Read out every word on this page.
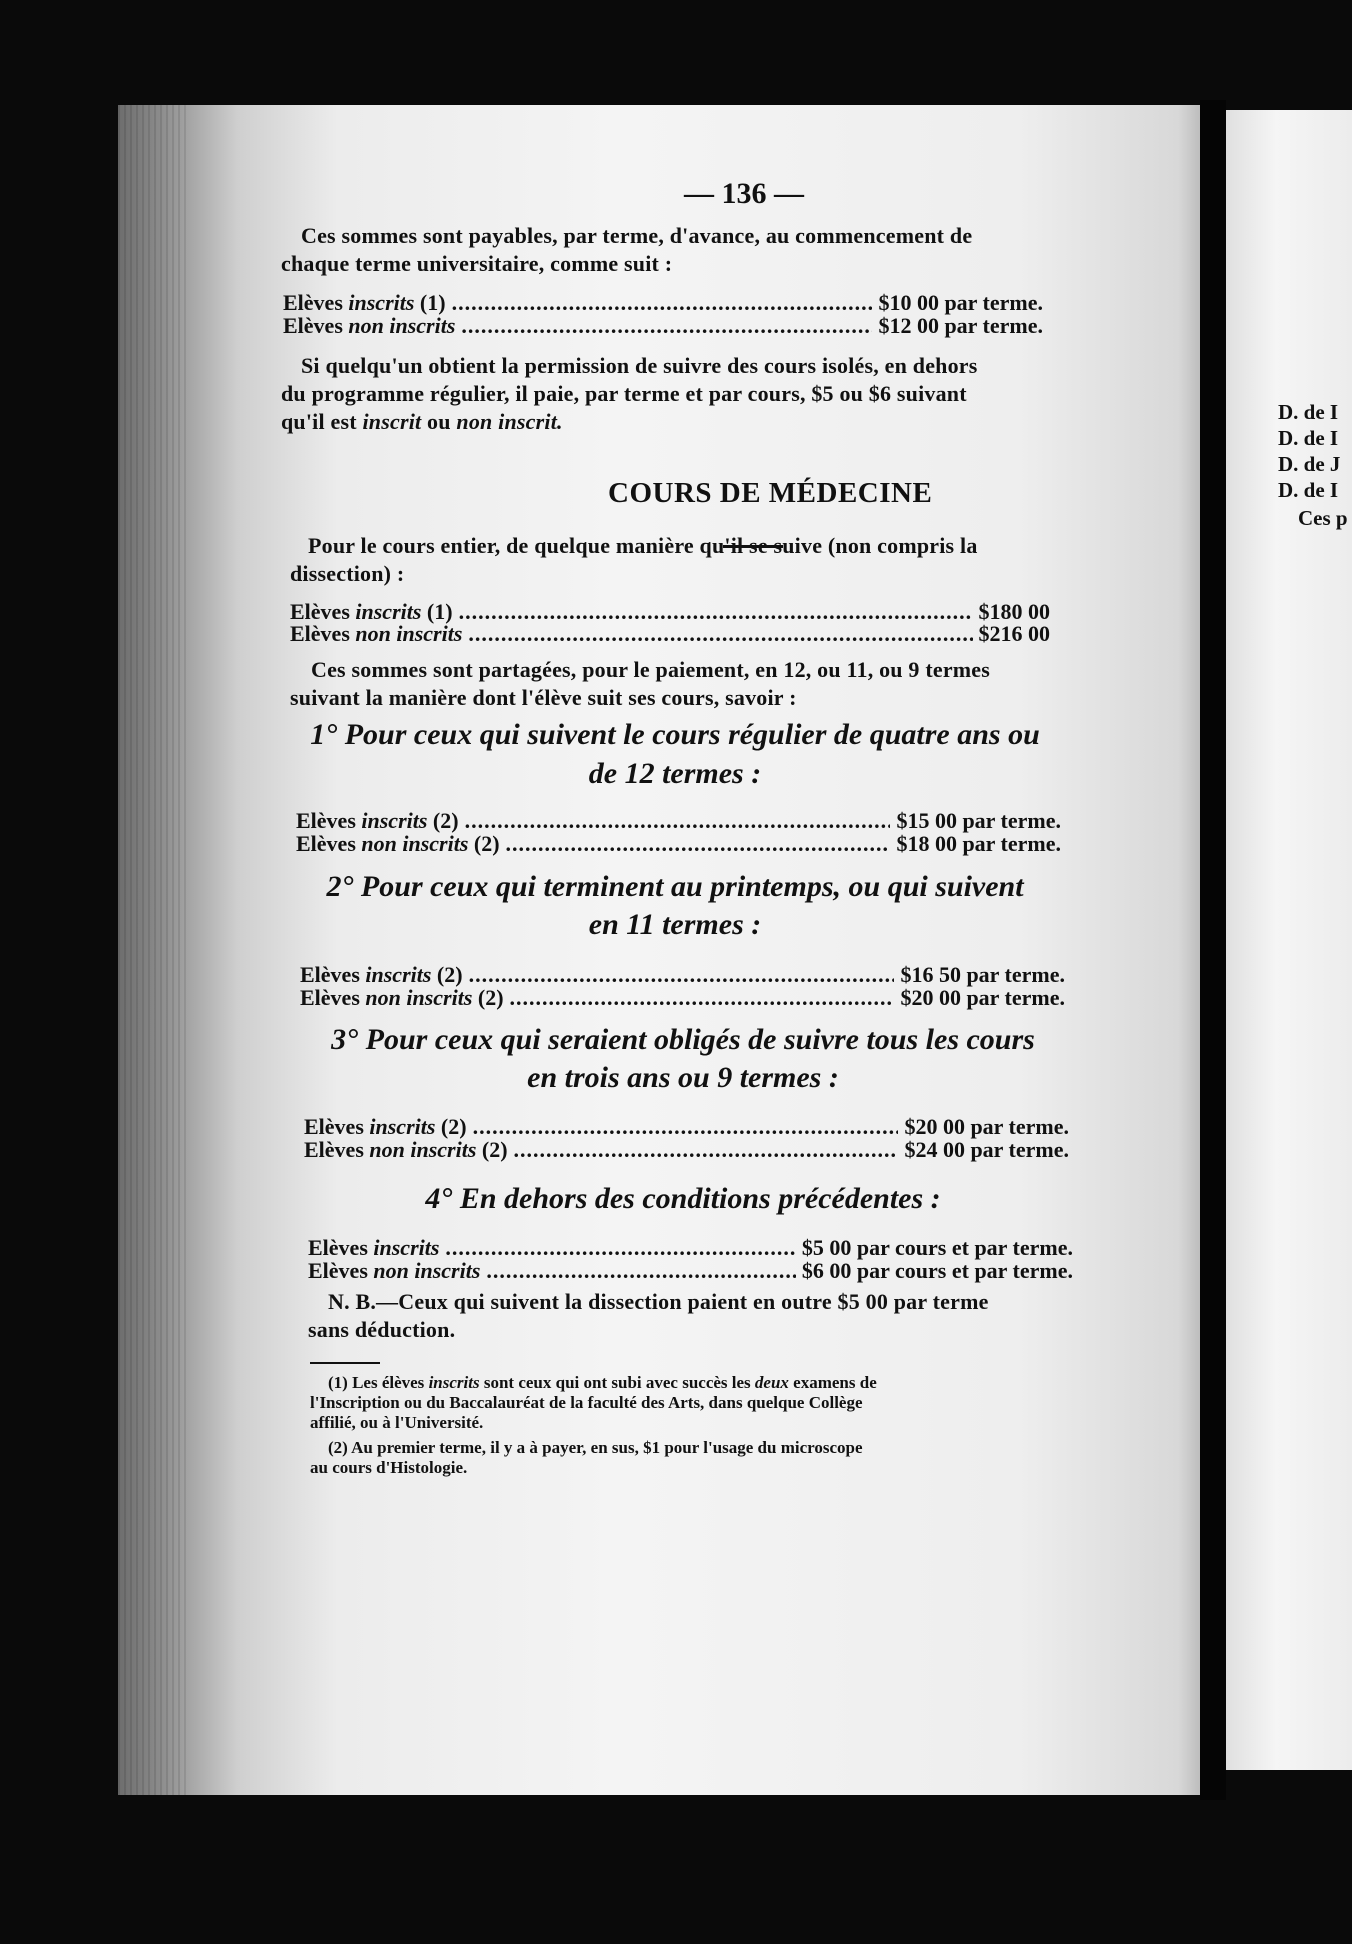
— 136 —
Ces sommes sont payables, par terme, d'avance, au commencement de
chaque terme universitaire, comme suit :
Elèves inscrits (1) .....	$10 00 par terme.
Elèves non inscrits .....	$12 00 par terme.
Si quelqu'un obtient la permission de suivre des cours isolés, en dehors
du programme régulier, il paie, par terme et par cours, $5 ou $6 suivant
qu'il est inscrit ou non inscrit.
COURS DE MÉDECINE
Pour le cours entier, de quelque manière qu'il se suive (non compris la
dissection) :
Elèves inscrits (1) .....	$180 00
Elèves non inscrits .....	$216 00
Ces sommes sont partagées, pour le paiement, en 12, ou 11, ou 9 termes
suivant la manière dont l'élève suit ses cours, savoir :
1° Pour ceux qui suivent le cours régulier de quatre ans ou
de 12 termes :
Elèves inscrits (2) .....	$15 00 par terme.
Elèves non inscrits (2) .....	$18 00 par terme.
2° Pour ceux qui terminent au printemps, ou qui suivent
en 11 termes :
Elèves inscrits (2) .....	$16 50 par terme.
Elèves non inscrits (2) .....	$20 00 par terme.
3° Pour ceux qui seraient obligés de suivre tous les cours
en trois ans ou 9 termes :
Elèves inscrits (2) .....	$20 00 par terme.
Elèves non inscrits (2) .....	$24 00 par terme.
4° En dehors des conditions précédentes :
Elèves inscrits .....	$5 00 par cours et par terme.
Elèves non inscrits .....	$6 00 par cours et par terme.
N. B.—Ceux qui suivent la dissection paient en outre $5 00 par terme
sans déduction.
(1) Les élèves inscrits sont ceux qui ont subi avec succès les deux examens de
l'Inscription ou du Baccalauréat de la faculté des Arts, dans quelque Collège
affilié, ou à l'Université.
(2) Au premier terme, il y a à payer, en sus, $1 pour l'usage du microscope
au cours d'Histologie.
D. de I
D. de I
D. de J
D. de I
Ces p
